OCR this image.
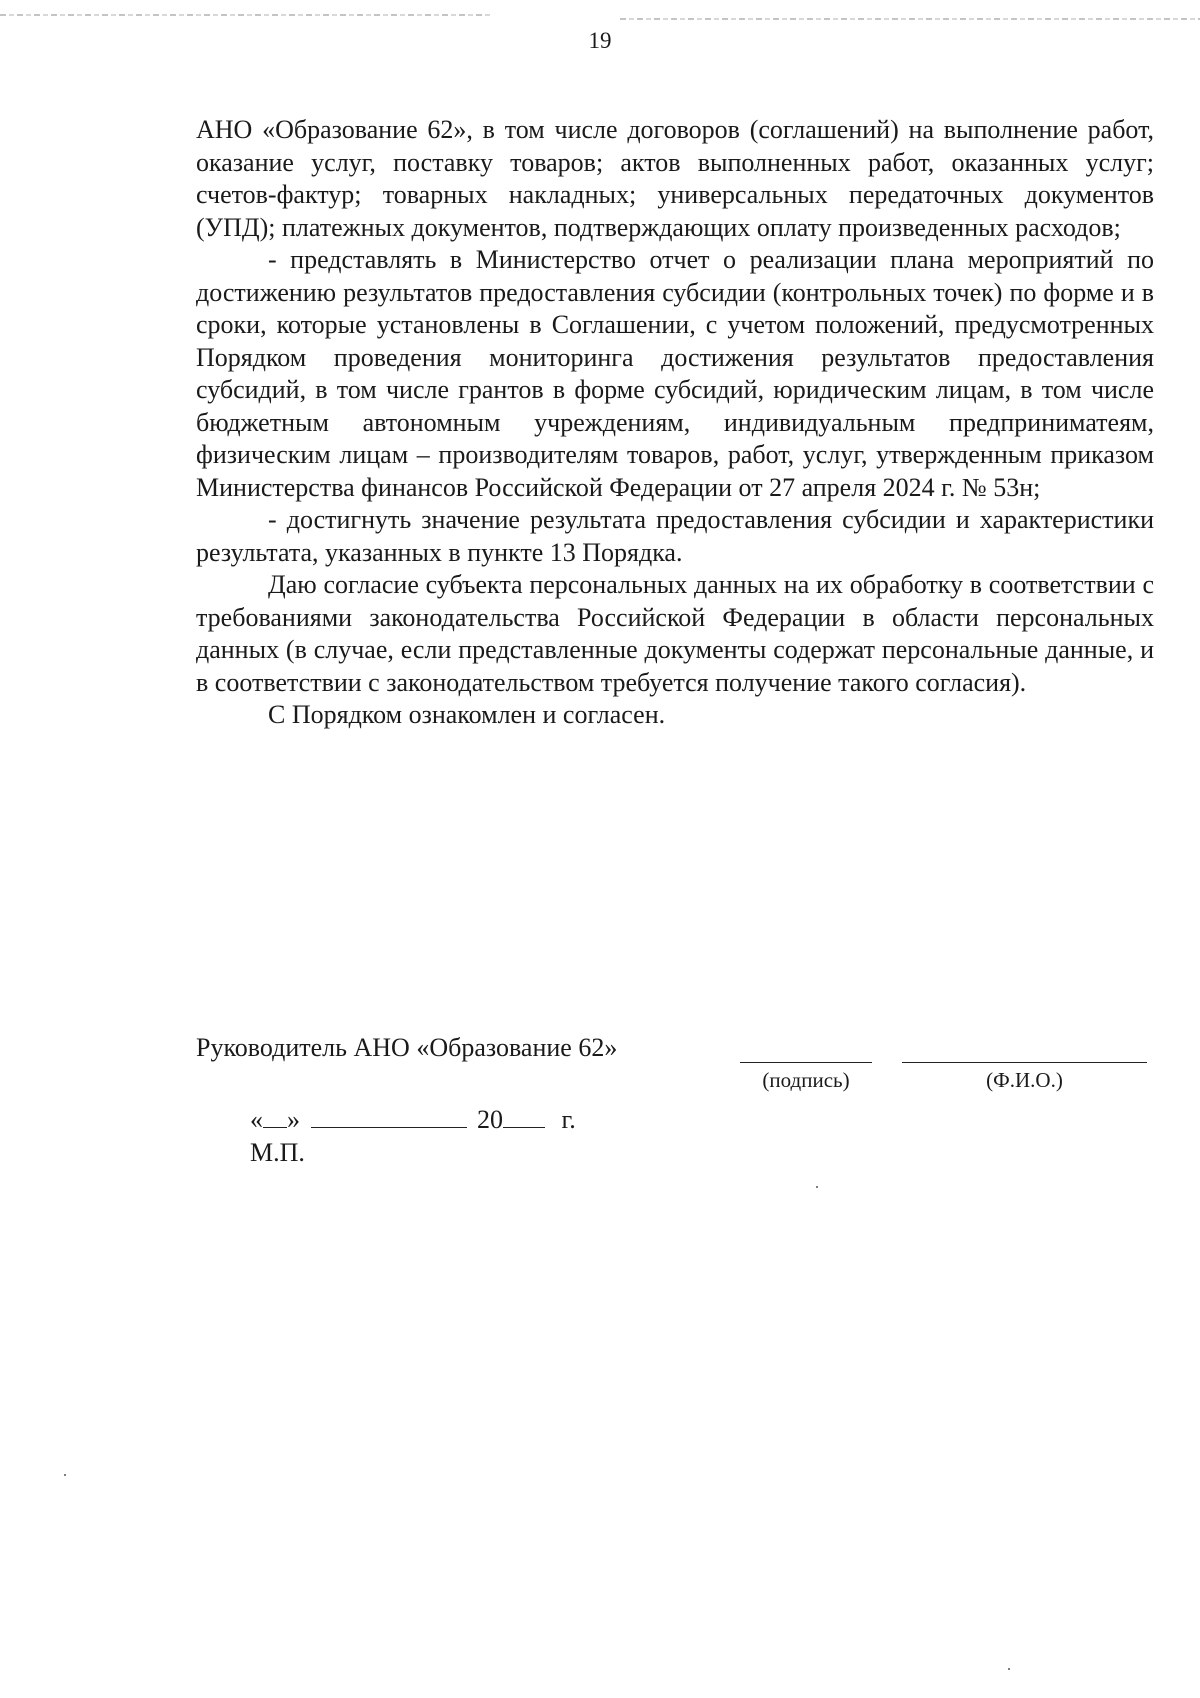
19

АНО «Образование 62», в том числе договоров (соглашений) на выполнение работ, оказание услуг, поставку товаров; актов выполненных работ, оказанных услуг; счетов-фактур; товарных накладных; универсальных передаточных документов (УПД); платежных документов, подтверждающих оплату произведенных расходов;

- представлять в Министерство отчет о реализации плана мероприятий по достижению результатов предоставления субсидии (контрольных точек) по форме и в сроки, которые установлены в Соглашении, с учетом положений, предусмотренных Порядком проведения мониторинга достижения результатов предоставления субсидий, в том числе грантов в форме субсидий, юридическим лицам, в том числе бюджетным автономным учреждениям, индивидуальным предприниматеям, физическим лицам – производителям товаров, работ, услуг, утвержденным приказом Министерства финансов Российской Федерации от 27 апреля 2024 г. № 53н;

- достигнуть значение результата предоставления субсидии и характеристики результата, указанных в пункте 13 Порядка.

Даю согласие субъекта персональных данных на их обработку в соответствии с требованиями законодательства Российской Федерации в области персональных данных (в случае, если представленные документы содержат персональные данные, и в соответствии с законодательством требуется получение такого согласия).

С Порядком ознакомлен и согласен.

Руководитель АНО «Образование 62»
(подпись)	(Ф.И.О.)
« »	20 г.
М.П.
